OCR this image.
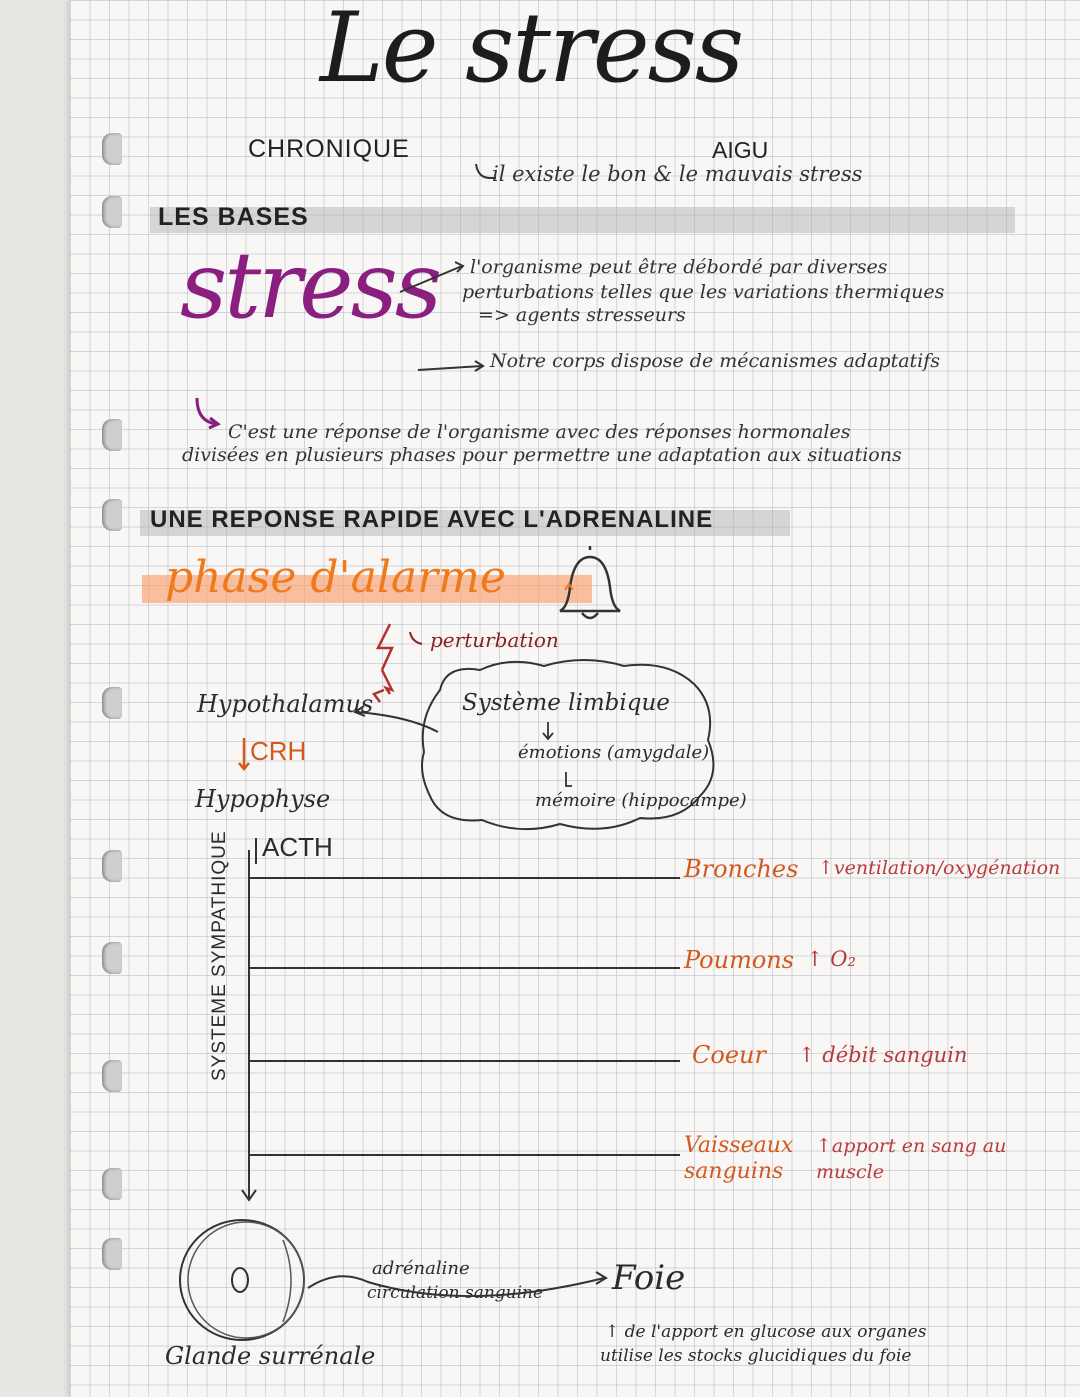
Le stress
CHRONIQUE	AIGU
il existe le bon & le mauvais stress
LES BASES
stress l'organisme peut être débordé par diverses
perturbations telles que les variations thermiques
=> agents stresseurs
Notre corps dispose de mécanismes adaptatifs
C'est une réponse de l'organisme avec des réponses hormonales
divisées en plusieurs phases pour permettre une adaptation aux situations
UNE REPONSE RAPIDE AVEC L'ADRENALINE
phase d'alarme
perturbation
Hypothalamus
CRH
Hypophyse
ACTH
SYSTEME SYMPATHIQUE
Système limbique
émotions (amygdale)
mémoire (hippocampe)
Bronches ↑ventilation/oxygénation
Poumons ↑ O₂
Coeur ↑ débit sanguin
Vaisseaux sanguins
↑apport en sang au muscle
Glande surrénale
adrénaline
circulation sanguine Foie
↑ de l'apport en glucose aux organes
utilise les stocks glucidiques du foie
